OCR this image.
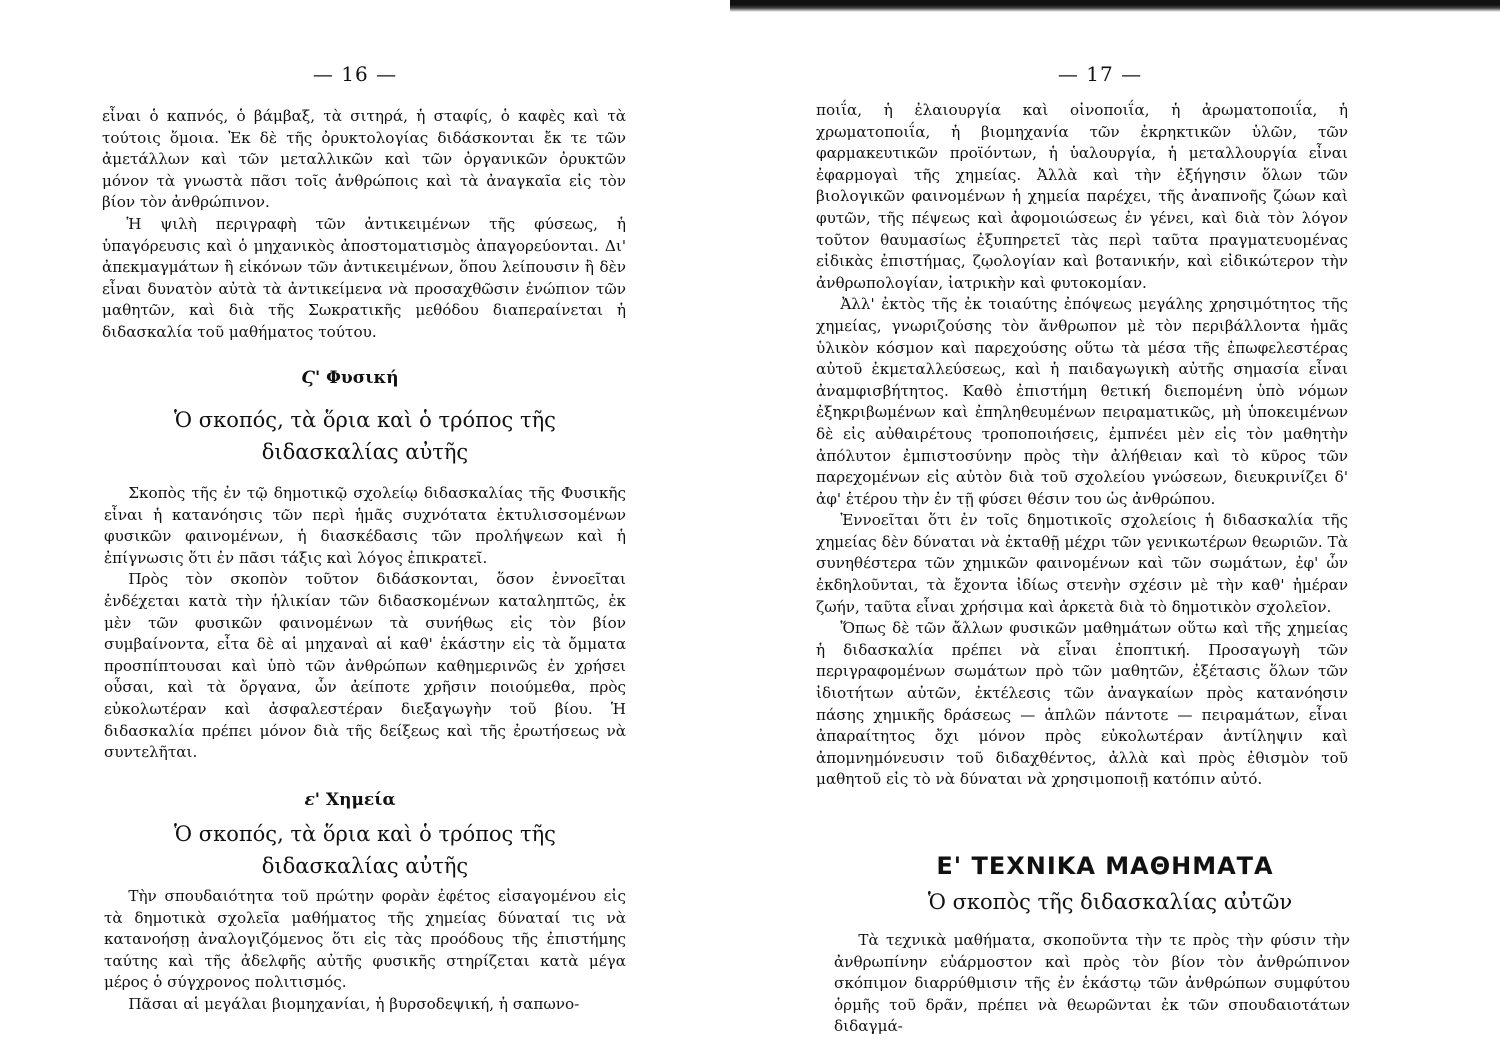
— 16 —

εἶναι ὁ καπνός, ὁ βάμβαξ, τὰ σιτηρά, ἡ σταφίς, ὁ καφὲς καὶ τὰ τούτοις ὅμοια. Ἐκ δὲ τῆς ὀρυκτολογίας διδάσκονται ἔκ τε τῶν ἀμετάλλων καὶ τῶν μεταλλικῶν καὶ τῶν ὀργανικῶν ὀρυκτῶν μόνον τὰ γνωστὰ πᾶσι τοῖς ἀνθρώποις καὶ τὰ ἀναγκαῖα εἰς τὸν βίον τὸν ἀνθρώπινον.

Ἡ ψιλὴ περιγραφὴ τῶν ἀντικειμένων τῆς φύσεως, ἡ ὑπαγόρευσις καὶ ὁ μηχανικὸς ἀποστοματισμὸς ἀπαγορεύονται. Δι' ἀπεκμαγμάτων ἢ εἰκόνων τῶν ἀντικειμένων, ὅπου λείπουσιν ἢ δὲν εἶναι δυνατὸν αὐτὰ τὰ ἀντικείμενα νὰ προσαχθῶσιν ἐνώπιον τῶν μαθητῶν, καὶ διὰ τῆς Σωκρατικῆς μεθόδου διαπεραίνεται ἡ διδασκαλία τοῦ μαθήματος τούτου.

Ϛ' Φυσική
Ὁ σκοπός, τὰ ὅρια καὶ ὁ τρόπος τῆς
διδασκαλίας αὐτῆς

Σκοπὸς τῆς ἐν τῷ δημοτικῷ σχολείῳ διδασκαλίας τῆς Φυσικῆς εἶναι ἡ κατανόησις τῶν περὶ ἡμᾶς συχνότατα ἐκτυλισσομένων φυσικῶν φαινομένων, ἡ διασκέδασις τῶν προλήψεων καὶ ἡ ἐπίγνωσις ὅτι ἐν πᾶσι τάξις καὶ λόγος ἐπικρατεῖ.

Πρὸς τὸν σκοπὸν τοῦτον διδάσκονται, ὅσον ἐννοεῖται ἐνδέχεται κατὰ τὴν ἡλικίαν τῶν διδασκομένων καταληπτῶς, ἐκ μὲν τῶν φυσικῶν φαινομένων τὰ συνήθως εἰς τὸν βίον συμβαίνοντα, εἶτα δὲ αἱ μηχαναὶ αἱ καθ' ἑκάστην εἰς τὰ ὄμματα προσπίπτουσαι καὶ ὑπὸ τῶν ἀνθρώπων καθημερινῶς ἐν χρήσει οὖσαι, καὶ τὰ ὄργανα, ὧν ἀείποτε χρῆσιν ποιούμεθα, πρὸς εὐκολωτέραν καὶ ἀσφαλεστέραν διεξαγωγὴν τοῦ βίου. Ἡ διδασκαλία πρέπει μόνον διὰ τῆς δείξεως καὶ τῆς ἐρωτήσεως νὰ συντελῆται.

ε' Χημεία
Ὁ σκοπός, τὰ ὅρια καὶ ὁ τρόπος τῆς
διδασκαλίας αὐτῆς

Τὴν σπουδαιότητα τοῦ πρώτην φορὰν ἐφέτος εἰσαγομένου εἰς τὰ δημοτικὰ σχολεῖα μαθήματος τῆς χημείας δύναταί τις νὰ κατανοήσῃ ἀναλογιζόμενος ὅτι εἰς τὰς προόδους τῆς ἐπιστήμης ταύτης καὶ τῆς ἀδελφῆς αὐτῆς φυσικῆς στηρίζεται κατὰ μέγα μέρος ὁ σύγχρονος πολιτισμός.

Πᾶσαι αἱ μεγάλαι βιομηχανίαι, ἡ βυρσοδεψική, ἡ σαπωνο-

— 17 —

ποιΐα, ἡ ἐλαιουργία καὶ οἰνοποιΐα, ἡ ἀρωματοποιΐα, ἡ χρωματοποιΐα, ἡ βιομηχανία τῶν ἐκρηκτικῶν ὑλῶν, τῶν φαρμακευτικῶν προϊόντων, ἡ ὑαλουργία, ἡ μεταλλουργία εἶναι ἐφαρμογαὶ τῆς χημείας. Ἀλλὰ καὶ τὴν ἐξήγησιν ὅλων τῶν βιολογικῶν φαινομένων ἡ χημεία παρέχει, τῆς ἀναπνοῆς ζώων καὶ φυτῶν, τῆς πέψεως καὶ ἀφομοιώσεως ἐν γένει, καὶ διὰ τὸν λόγον τοῦτον θαυμασίως ἐξυπηρετεῖ τὰς περὶ ταῦτα πραγματευομένας εἰδικὰς ἐπιστήμας, ζῳολογίαν καὶ βοτανικήν, καὶ εἰδικώτερον τὴν ἀνθρωπολογίαν, ἰατρικὴν καὶ φυτοκομίαν.

Ἀλλ' ἐκτὸς τῆς ἐκ τοιαύτης ἐπόψεως μεγάλης χρησιμότητος τῆς χημείας, γνωριζούσης τὸν ἄνθρωπον μὲ τὸν περιβάλλοντα ἡμᾶς ὑλικὸν κόσμον καὶ παρεχούσης οὕτω τὰ μέσα τῆς ἐπωφελεστέρας αὐτοῦ ἐκμεταλλεύσεως, καὶ ἡ παιδαγωγικὴ αὐτῆς σημασία εἶναι ἀναμφισβήτητος. Καθὸ ἐπιστήμη θετική διεπομένη ὑπὸ νόμων ἐξηκριβωμένων καὶ ἐπηληθευμένων πειραματικῶς, μὴ ὑποκειμένων δὲ εἰς αὐθαιρέτους τροποποιήσεις, ἐμπνέει μὲν εἰς τὸν μαθητὴν ἀπόλυτον ἐμπιστοσύνην πρὸς τὴν ἀλήθειαν καὶ τὸ κῦρος τῶν παρεχομένων εἰς αὐτὸν διὰ τοῦ σχολείου γνώσεων, διευκρινίζει δ' ἀφ' ἑτέρου τὴν ἐν τῇ φύσει θέσιν του ὡς ἀνθρώπου.

Ἐννοεῖται ὅτι ἐν τοῖς δημοτικοῖς σχολείοις ἡ διδασκαλία τῆς χημείας δὲν δύναται νὰ ἐκταθῇ μέχρι τῶν γενικωτέρων θεωριῶν. Τὰ συνηθέστερα τῶν χημικῶν φαινομένων καὶ τῶν σωμάτων, ἐφ' ὧν ἐκδηλοῦνται, τὰ ἔχοντα ἰδίως στενὴν σχέσιν μὲ τὴν καθ' ἡμέραν ζωήν, ταῦτα εἶναι χρήσιμα καὶ ἀρκετὰ διὰ τὸ δημοτικὸν σχολεῖον.

Ὅπως δὲ τῶν ἄλλων φυσικῶν μαθημάτων οὕτω καὶ τῆς χημείας ἡ διδασκαλία πρέπει νὰ εἶναι ἐποπτική. Προσαγωγὴ τῶν περιγραφομένων σωμάτων πρὸ τῶν μαθητῶν, ἐξέτασις ὅλων τῶν ἰδιοτήτων αὐτῶν, ἐκτέλεσις τῶν ἀναγκαίων πρὸς κατανόησιν πάσης χημικῆς δράσεως — ἁπλῶν πάντοτε — πειραμάτων, εἶναι ἀπαραίτητος ὄχι μόνον πρὸς εὐκολωτέραν ἀντίληψιν καὶ ἀπομνημόνευσιν τοῦ διδαχθέντος, ἀλλὰ καὶ πρὸς ἐθισμὸν τοῦ μαθητοῦ εἰς τὸ νὰ δύναται νὰ χρησιμοποιῇ κατόπιν αὐτό.

Ε' ΤΕΧΝΙΚΑ ΜΑΘΗΜΑΤΑ
Ὁ σκοπὸς τῆς διδασκαλίας αὐτῶν

Τὰ τεχνικὰ μαθήματα, σκοποῦντα τὴν τε πρὸς τὴν φύσιν τὴν ἀνθρωπίνην εὐάρμοστον καὶ πρὸς τὸν βίον τὸν ἀνθρώπινον σκόπιμον διαρρύθμισιν τῆς ἐν ἑκάστῳ τῶν ἀνθρώπων συμφύτου ὁρμῆς τοῦ δρᾶν, πρέπει νὰ θεωρῶνται ἐκ τῶν σπουδαιοτάτων διδαγμά-
